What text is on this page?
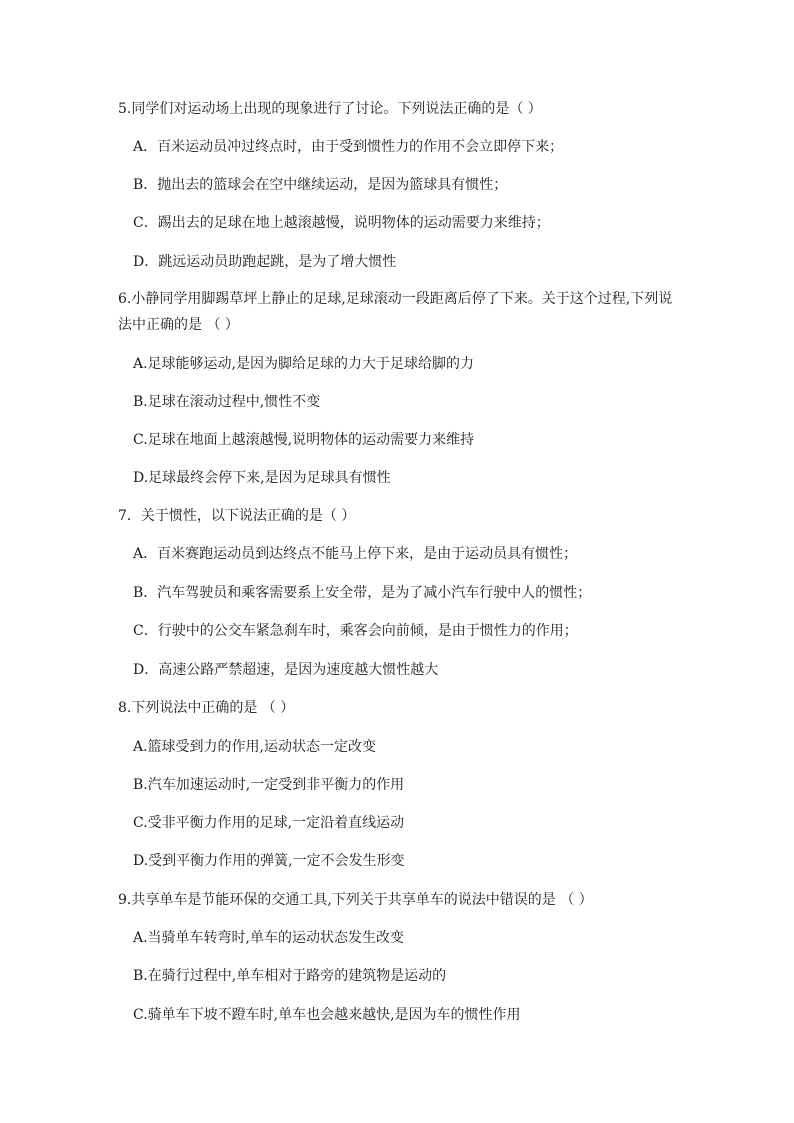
5.同学们对运动场上出现的现象进行了讨论。下列说法正确的是（ ）
A．百米运动员冲过终点时，由于受到惯性力的作用不会立即停下来；
B．抛出去的篮球会在空中继续运动，是因为篮球具有惯性；
C．踢出去的足球在地上越滚越慢，说明物体的运动需要力来维持；
D．跳远运动员助跑起跳，是为了增大惯性
6.小静同学用脚踢草坪上静止的足球,足球滚动一段距离后停了下来。关于这个过程,下列说
法中正确的是 （ ）
A.足球能够运动,是因为脚给足球的力大于足球给脚的力
B.足球在滚动过程中,惯性不变
C.足球在地面上越滚越慢,说明物体的运动需要力来维持
D.足球最终会停下来,是因为足球具有惯性
7．关于惯性，以下说法正确的是（ ）
A．百米赛跑运动员到达终点不能马上停下来，是由于运动员具有惯性；
B．汽车驾驶员和乘客需要系上安全带，是为了减小汽车行驶中人的惯性；
C．行驶中的公交车紧急刹车时，乘客会向前倾，是由于惯性力的作用；
D．高速公路严禁超速，是因为速度越大惯性越大
8.下列说法中正确的是 （ ）
A.篮球受到力的作用,运动状态一定改变
B.汽车加速运动时,一定受到非平衡力的作用
C.受非平衡力作用的足球,一定沿着直线运动
D.受到平衡力作用的弹簧,一定不会发生形变
9.共享单车是节能环保的交通工具,下列关于共享单车的说法中错误的是 （ ）
A.当骑单车转弯时,单车的运动状态发生改变
B.在骑行过程中,单车相对于路旁的建筑物是运动的
C.骑单车下坡不蹬车时,单车也会越来越快,是因为车的惯性作用
